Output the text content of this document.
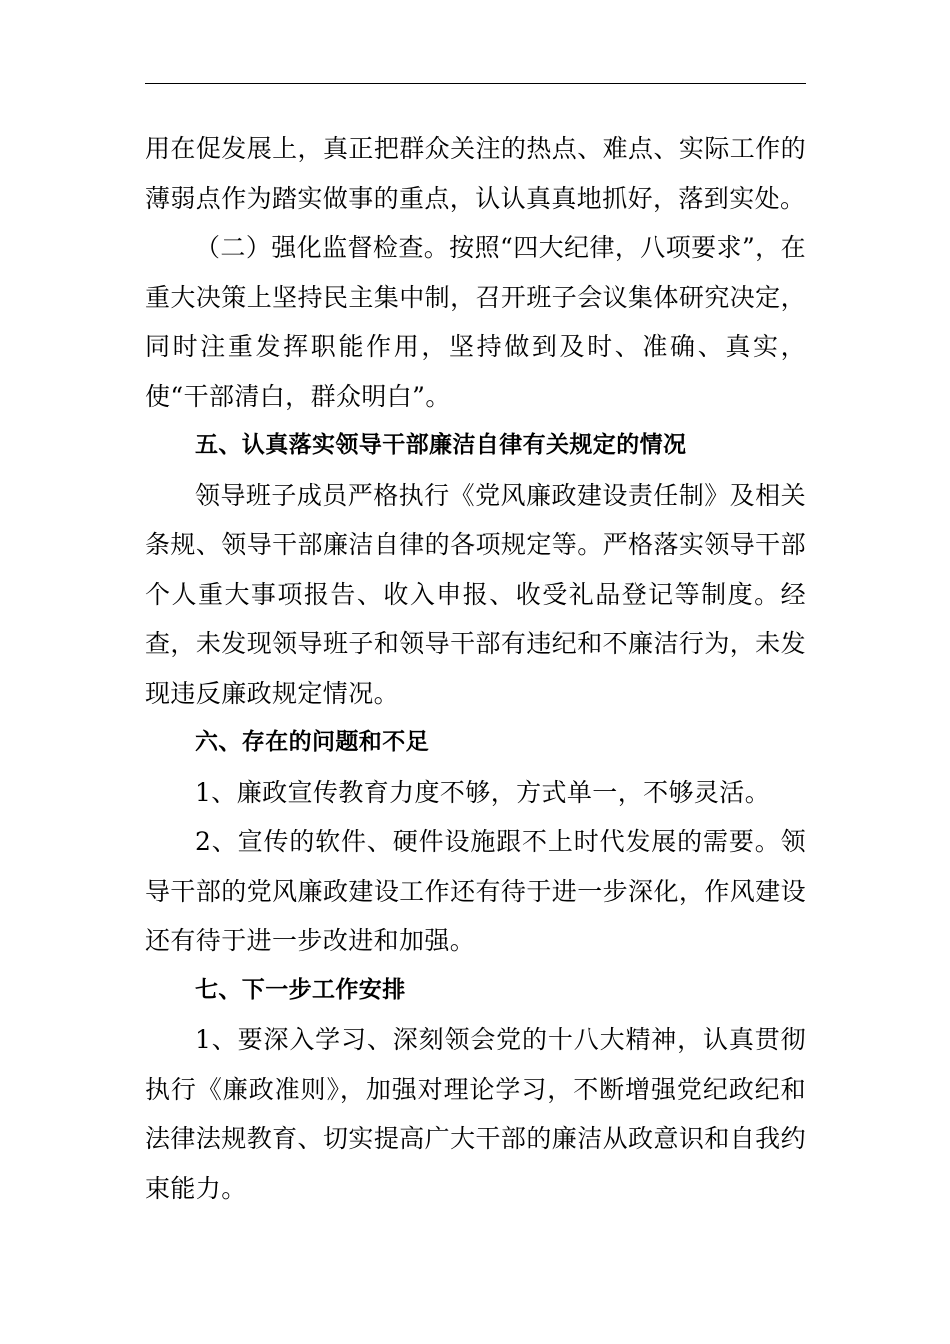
用在促发展上，真正把群众关注的热点、难点、实际工作的薄弱点作为踏实做事的重点，认认真真地抓好，落到实处。

（二）强化监督检查。按照“四大纪律，八项要求”，在重大决策上坚持民主集中制，召开班子会议集体研究决定，同时注重发挥职能作用，坚持做到及时、准确、真实，使“干部清白，群众明白”。

五、认真落实领导干部廉洁自律有关规定的情况

领导班子成员严格执行《党风廉政建设责任制》及相关条规、领导干部廉洁自律的各项规定等。严格落实领导干部个人重大事项报告、收入申报、收受礼品登记等制度。经查，未发现领导班子和领导干部有违纪和不廉洁行为，未发现违反廉政规定情况。

六、存在的问题和不足

1、廉政宣传教育力度不够，方式单一，不够灵活。

2、宣传的软件、硬件设施跟不上时代发展的需要。领导干部的党风廉政建设工作还有待于进一步深化，作风建设还有待于进一步改进和加强。

七、下一步工作安排

1、要深入学习、深刻领会党的十八大精神，认真贯彻执行《廉政准则》，加强对理论学习，不断增强党纪政纪和法律法规教育、切实提高广大干部的廉洁从政意识和自我约束能力。
